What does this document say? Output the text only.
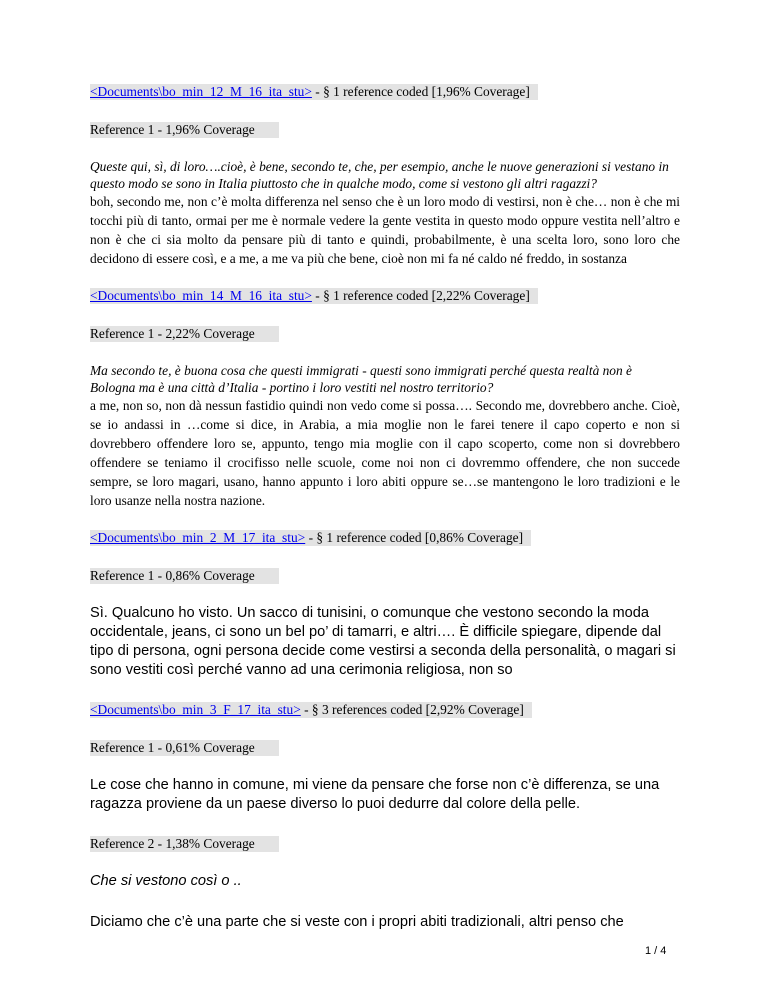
<Documents\bo_min_12_M_16_ita_stu> - § 1 reference coded [1,96% Coverage]

Reference 1 - 1,96% Coverage

Queste qui, sì, di loro….cioè, è bene, secondo te, che, per esempio, anche le nuove generazioni si vestano in questo modo se sono in Italia piuttosto che in qualche modo, come si vestono gli altri ragazzi?

boh, secondo me, non c’è molta differenza nel senso che è un loro modo di vestirsi, non è che… non è che mi tocchi più di tanto, ormai per me è normale vedere la gente vestita in questo modo oppure vestita nell’altro e non è che ci sia molto da pensare più di tanto e quindi, probabilmente, è una scelta loro, sono loro che decidono di essere così, e a me, a me va più che bene, cioè non mi fa né caldo né freddo, in sostanza

<Documents\bo_min_14_M_16_ita_stu> - § 1 reference coded [2,22% Coverage]

Reference 1 - 2,22% Coverage

Ma secondo te, è buona cosa che questi immigrati - questi sono immigrati perché questa realtà non è Bologna ma è una città d’Italia - portino i loro vestiti nel nostro territorio?

a me, non so, non dà nessun fastidio quindi non vedo come si possa…. Secondo me, dovrebbero anche. Cioè, se io andassi in …come si dice, in Arabia, a mia moglie non le farei tenere il capo coperto e non si dovrebbero offendere loro se, appunto, tengo mia moglie con il capo scoperto, come non si dovrebbero offendere se teniamo il crocifisso nelle scuole, come noi non ci dovremmo offendere, che non succede sempre, se loro magari, usano, hanno appunto i loro abiti oppure se…se mantengono le loro tradizioni e le loro usanze nella nostra nazione.

<Documents\bo_min_2_M_17_ita_stu> - § 1 reference coded [0,86% Coverage]

Reference 1 - 0,86% Coverage

Sì. Qualcuno ho visto. Un sacco di tunisini, o comunque che vestono secondo la moda occidentale, jeans, ci sono un bel po’ di tamarri, e altri…. È difficile spiegare, dipende dal tipo di persona, ogni persona decide come vestirsi a seconda della personalità, o magari si sono vestiti così perché vanno ad una cerimonia religiosa, non so

<Documents\bo_min_3_F_17_ita_stu> - § 3 references coded [2,92% Coverage]

Reference 1 - 0,61% Coverage

Le cose che hanno in comune, mi viene da pensare che forse non c’è differenza, se una ragazza proviene da un paese diverso lo puoi dedurre dal colore della pelle.

Reference 2 - 1,38% Coverage

Che si vestono così o ..

Diciamo che c’è una parte che si veste con i propri abiti tradizionali, altri penso che

1 / 4
